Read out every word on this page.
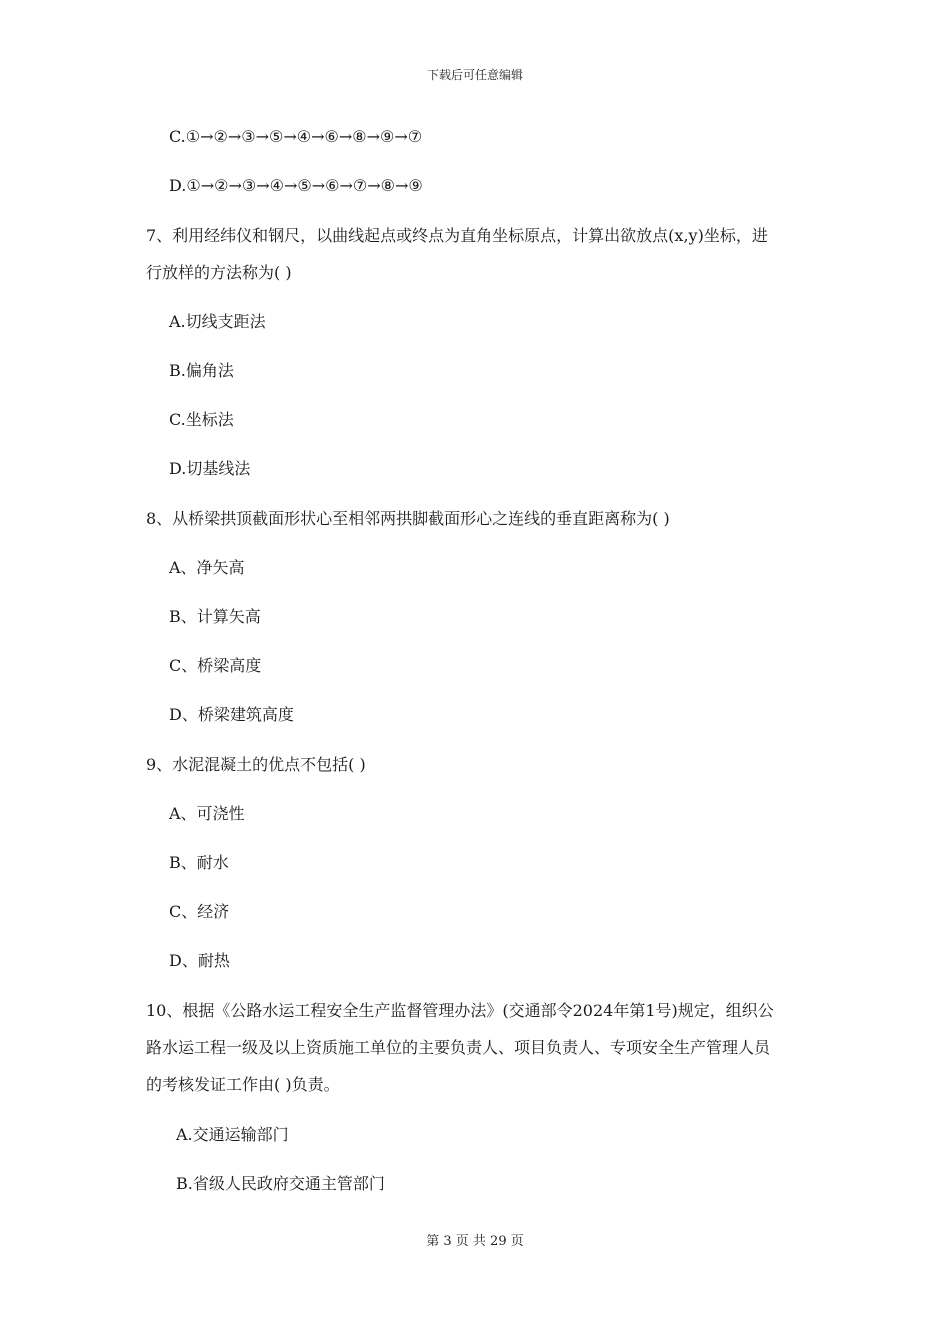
下载后可任意编辑
C.①→②→③→⑤→④→⑥→⑧→⑨→⑦
D.①→②→③→④→⑤→⑥→⑦→⑧→⑨
7、利用经纬仪和钢尺，以曲线起点或终点为直角坐标原点，计算出欲放点(x,y)坐标，进
行放样的方法称为( )
A.切线支距法
B.偏角法
C.坐标法
D.切基线法
8、从桥梁拱顶截面形状心至相邻两拱脚截面形心之连线的垂直距离称为( )
A、净矢高
B、计算矢高
C、桥梁高度
D、桥梁建筑高度
9、水泥混凝土的优点不包括( )
A、可浇性
B、耐水
C、经济
D、耐热
10、根据《公路水运工程安全生产监督管理办法》(交通部令2024年第1号)规定，组织公
路水运工程一级及以上资质施工单位的主要负责人、项目负责人、专项安全生产管理人员
的考核发证工作由( )负责。
A.交通运输部门
B.省级人民政府交通主管部门
第 3 页 共 29 页
